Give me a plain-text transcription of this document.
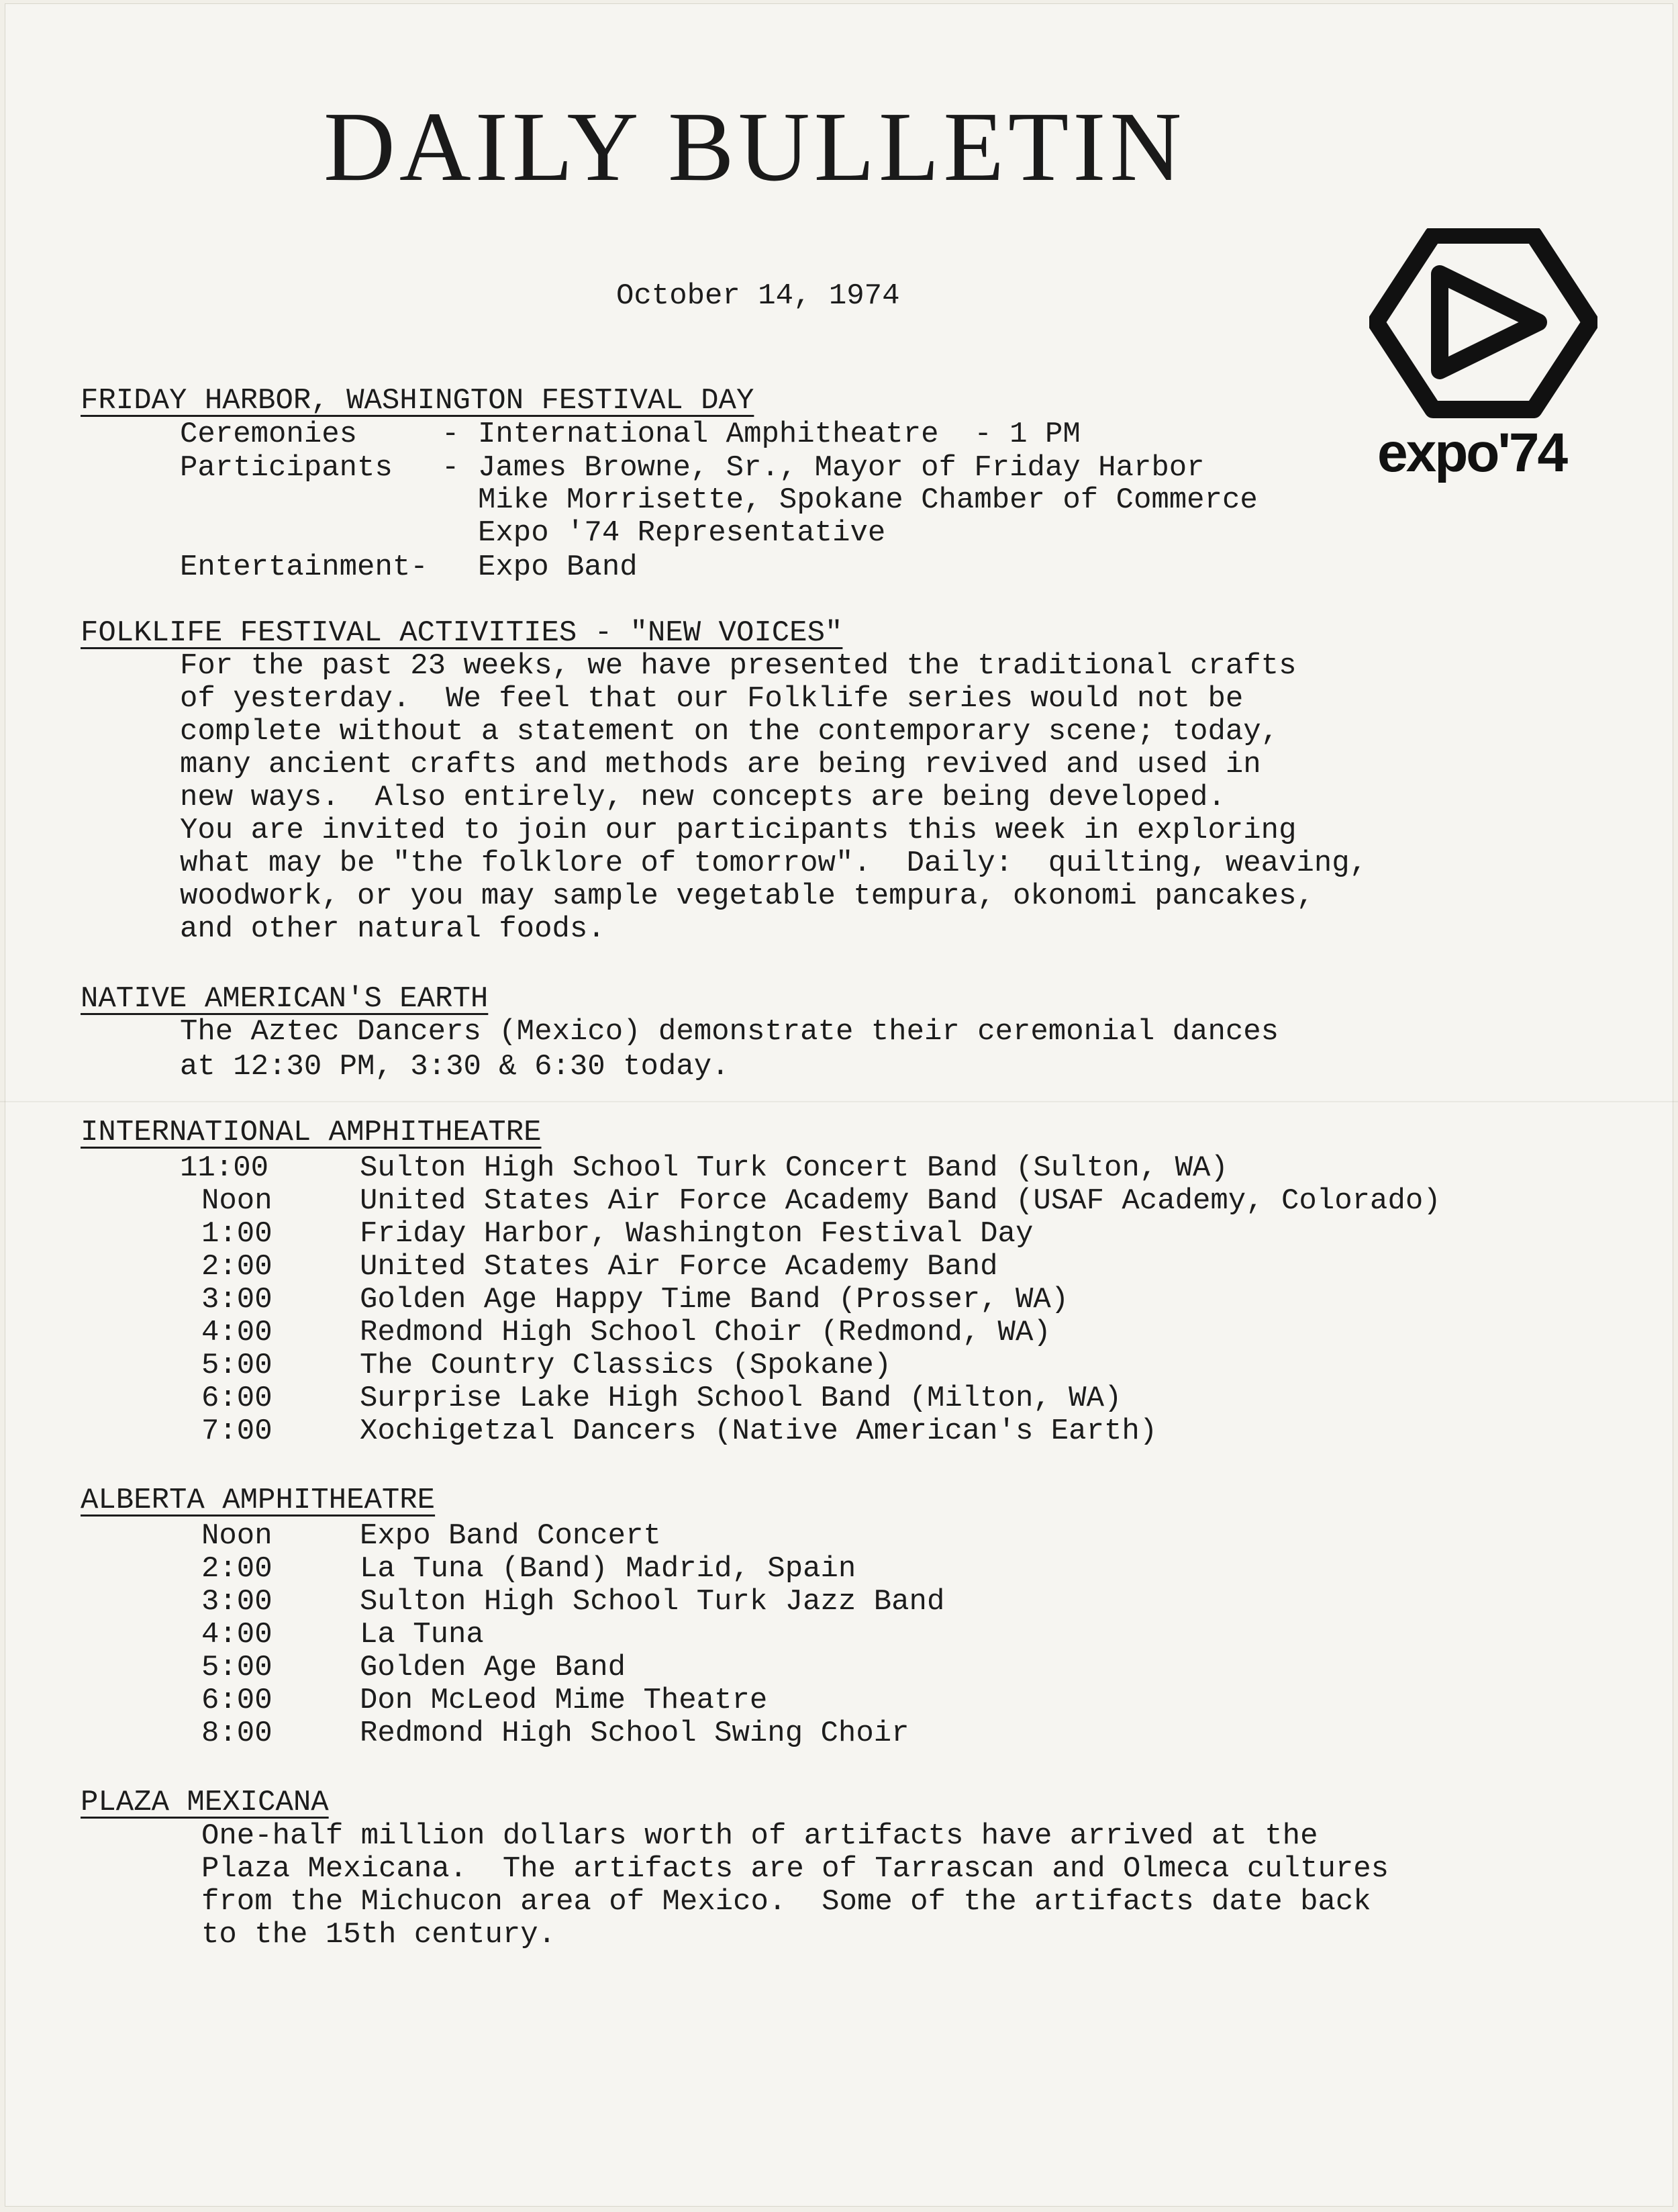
DAILY BULLETIN
October 14, 1974
expo'74
FRIDAY HARBOR, WASHINGTON FESTIVAL DAY
Ceremonies	- International Amphitheatre  - 1 PM
Participants - James Browne, Sr., Mayor of Friday Harbor
Mike Morrisette, Spokane Chamber of Commerce
Expo '74 Representative
Entertainment- Expo Band
FOLKLIFE FESTIVAL ACTIVITIES - "NEW VOICES"
For the past 23 weeks, we have presented the traditional crafts
of yesterday.  We feel that our Folklife series would not be
complete without a statement on the contemporary scene; today,
many ancient crafts and methods are being revived and used in
new ways.  Also entirely, new concepts are being developed.
You are invited to join our participants this week in exploring
what may be "the folklore of tomorrow".  Daily:  quilting, weaving,
woodwork, or you may sample vegetable tempura, okonomi pancakes,
and other natural foods.
NATIVE AMERICAN'S EARTH
The Aztec Dancers (Mexico) demonstrate their ceremonial dances
at 12:30 PM, 3:30 & 6:30 today.
INTERNATIONAL AMPHITHEATRE
11:00	Sulton High School Turk Concert Band (Sulton, WA)
Noon	United States Air Force Academy Band (USAF Academy, Colorado)
1:00	Friday Harbor, Washington Festival Day
2:00	United States Air Force Academy Band
3:00	Golden Age Happy Time Band (Prosser, WA)
4:00	Redmond High School Choir (Redmond, WA)
5:00	The Country Classics (Spokane)
6:00	Surprise Lake High School Band (Milton, WA)
7:00	Xochigetzal Dancers (Native American's Earth)
ALBERTA AMPHITHEATRE
Noon	Expo Band Concert
2:00	La Tuna (Band) Madrid, Spain
3:00	Sulton High School Turk Jazz Band
4:00	La Tuna
5:00	Golden Age Band
6:00	Don McLeod Mime Theatre
8:00	Redmond High School Swing Choir
PLAZA MEXICANA
One-half million dollars worth of artifacts have arrived at the
Plaza Mexicana.  The artifacts are of Tarrascan and Olmeca cultures
from the Michucon area of Mexico.  Some of the artifacts date back
to the 15th century.
